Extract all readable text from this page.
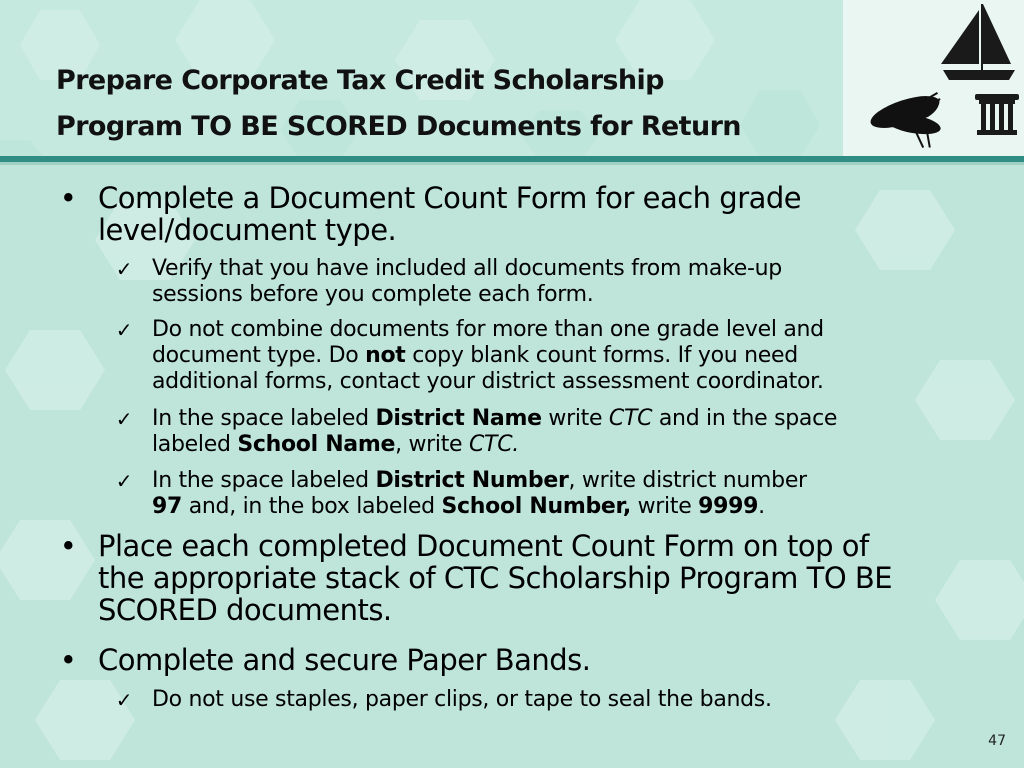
Prepare Corporate Tax Credit Scholarship
Program TO BE SCORED Documents for Return
• Complete a Document Count Form for each grade
level/document type.
✓ Verify that you have included all documents from make-up
sessions before you complete each form.
✓ Do not combine documents for more than one grade level and
document type. Do not copy blank count forms. If you need
additional forms, contact your district assessment coordinator.
✓ In the space labeled District Name write CTC and in the space
labeled School Name, write CTC.
✓ In the space labeled District Number, write district number
97 and, in the box labeled School Number, write 9999.
• Place each completed Document Count Form on top of
the appropriate stack of CTC Scholarship Program TO BE
SCORED documents.
• Complete and secure Paper Bands.
✓ Do not use staples, paper clips, or tape to seal the bands.
47
